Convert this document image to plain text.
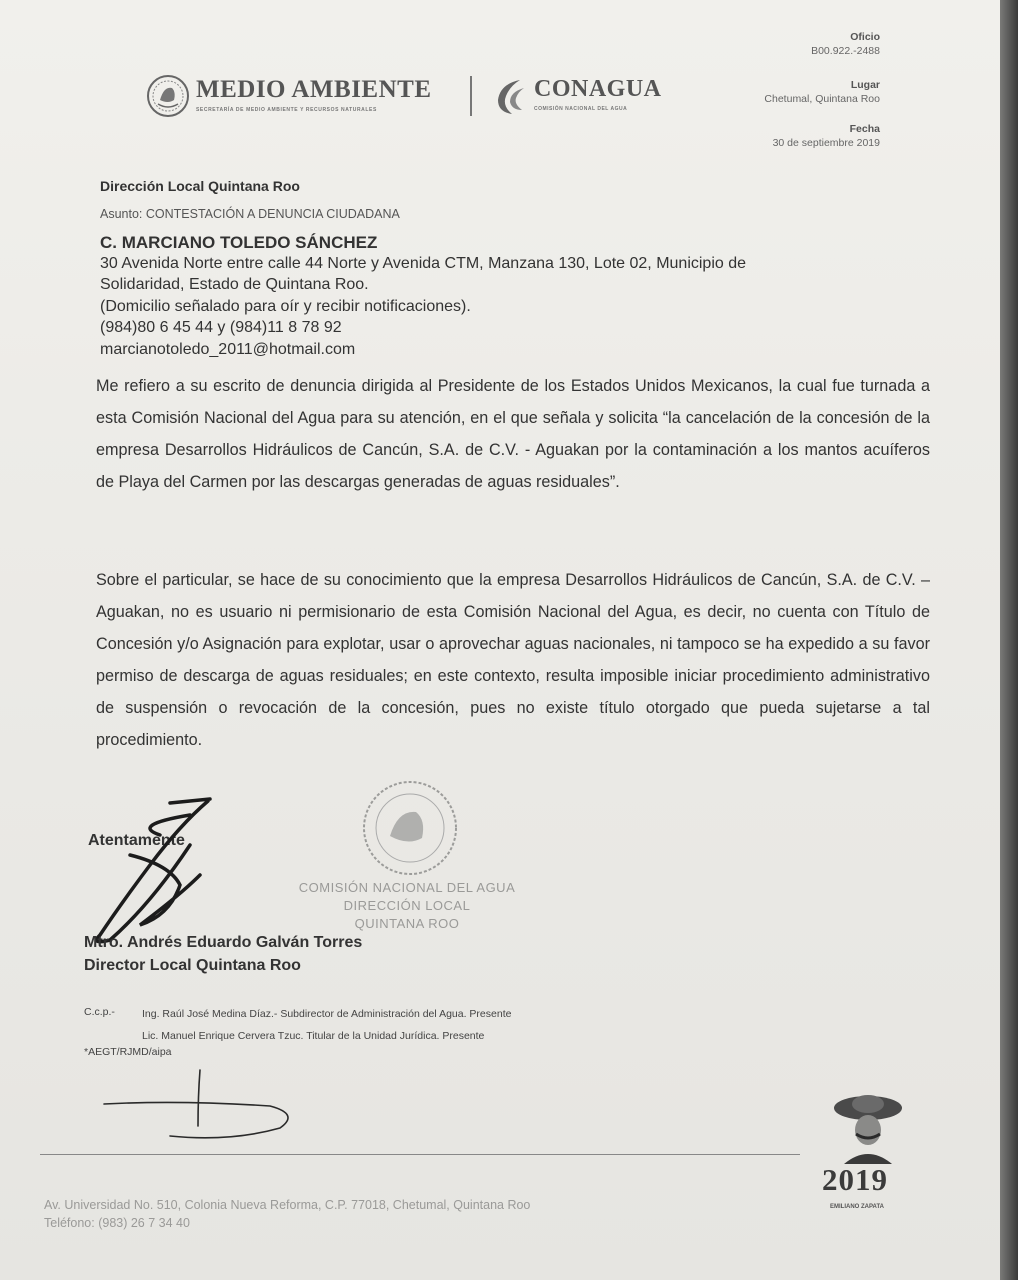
MEDIO AMBIENTE
SECRETARÍA DE MEDIO AMBIENTE Y RECURSOS NATURALES
CONAGUA
COMISIÓN NACIONAL DEL AGUA
Oficio
B00.922.-2488
Lugar
Chetumal, Quintana Roo
Fecha
30 de septiembre 2019
Dirección Local Quintana Roo
Asunto: CONTESTACIÓN A DENUNCIA CIUDADANA
C. MARCIANO TOLEDO SÁNCHEZ
30 Avenida Norte entre calle 44 Norte y Avenida CTM, Manzana 130, Lote 02, Municipio de
Solidaridad, Estado de Quintana Roo.
(Domicilio señalado para oír y recibir notificaciones).
(984)80 6 45 44 y (984)11 8 78 92
marcianotoledo_2011@hotmail.com
Me refiero a su escrito de denuncia dirigida al Presidente de los Estados Unidos Mexicanos, la cual fue turnada a esta Comisión Nacional del Agua para su atención, en el que señala y solicita “la cancelación de la concesión de la empresa Desarrollos Hidráulicos de Cancún, S.A. de C.V. - Aguakan por la contaminación a los mantos acuíferos de Playa del Carmen por las descargas generadas de aguas residuales”.
Sobre el particular, se hace de su conocimiento que la empresa Desarrollos Hidráulicos de Cancún, S.A. de C.V. – Aguakan, no es usuario ni permisionario de esta Comisión Nacional del Agua, es decir, no cuenta con Título de Concesión y/o Asignación para explotar, usar o aprovechar aguas nacionales, ni tampoco se ha expedido a su favor permiso de descarga de aguas residuales; en este contexto, resulta imposible iniciar procedimiento administrativo de suspensión o revocación de la concesión, pues no existe título otorgado que pueda sujetarse a tal procedimiento.
COMISIÓN NACIONAL DEL AGUA
DIRECCIÓN LOCAL
QUINTANA ROO
Atentamente
Mtro. Andrés Eduardo Galván Torres
Director Local Quintana Roo
C.c.p.-	Ing. Raúl José Medina Díaz.- Subdirector de Administración del Agua. Presente
Lic. Manuel Enrique Cervera Tzuc. Titular de la Unidad Jurídica. Presente
*AEGT/RJMD/aipa
Av. Universidad No. 510, Colonia Nueva Reforma, C.P. 77018, Chetumal, Quintana Roo
Teléfono: (983) 26 7 34 40
2019
EMILIANO ZAPATA
